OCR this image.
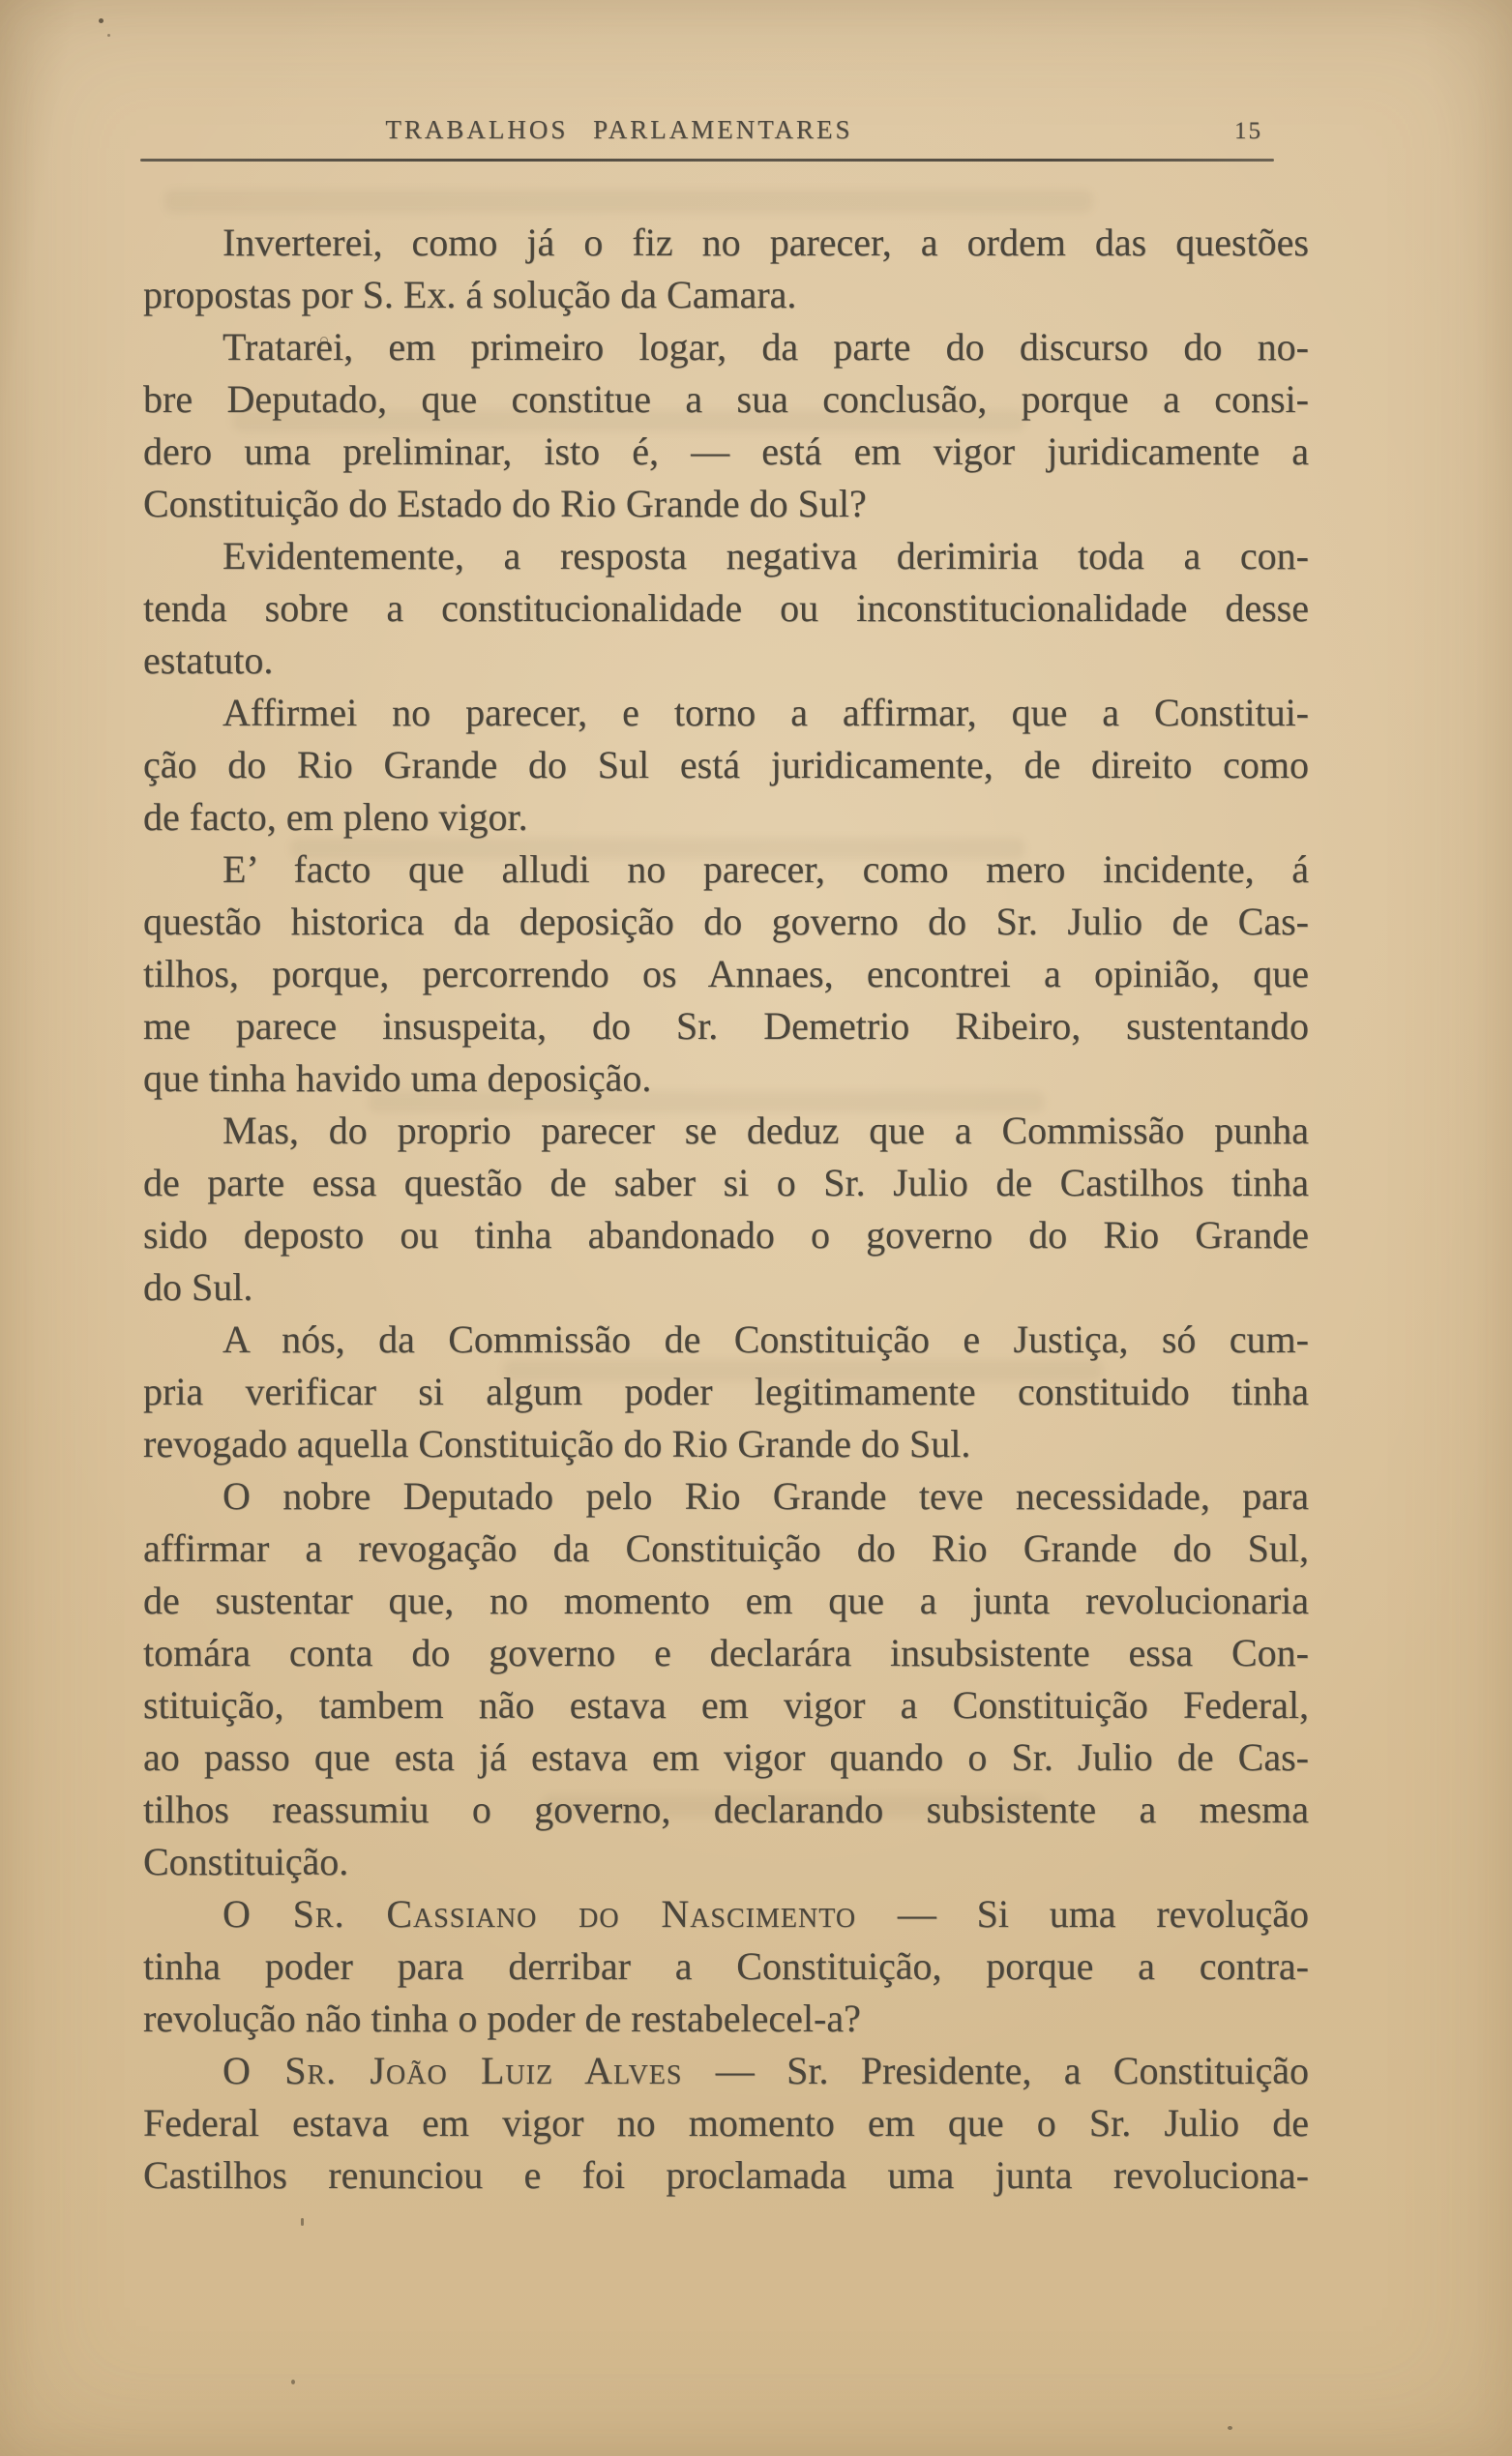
TRABALHOS PARLAMENTARES	15
Inverterei, como já o fiz no parecer, a ordem das questões
propostas por S. Ex. á solução da Camara.
Tratarei, em primeiro logar, da parte do discurso do no-
bre Deputado, que constitue a sua conclusão, porque a consi-
dero uma preliminar, isto é, — está em vigor juridicamente a
Constituição do Estado do Rio Grande do Sul?
Evidentemente, a resposta negativa derimiria toda a con-
tenda sobre a constitucionalidade ou inconstitucionalidade desse
estatuto.
Affirmei no parecer, e torno a affirmar, que a Constitui-
ção do Rio Grande do Sul está juridicamente, de direito como
de facto, em pleno vigor.
E’ facto que alludi no parecer, como mero incidente, á
questão historica da deposição do governo do Sr. Julio de Cas-
tilhos, porque, percorrendo os Annaes, encontrei a opinião, que
me parece insuspeita, do Sr. Demetrio Ribeiro, sustentando
que tinha havido uma deposição.
Mas, do proprio parecer se deduz que a Commissão punha
de parte essa questão de saber si o Sr. Julio de Castilhos tinha
sido deposto ou tinha abandonado o governo do Rio Grande
do Sul.
A nós, da Commissão de Constituição e Justiça, só cum-
pria verificar si algum poder legitimamente constituido tinha
revogado aquella Constituição do Rio Grande do Sul.
O nobre Deputado pelo Rio Grande teve necessidade, para
affirmar a revogação da Constituição do Rio Grande do Sul,
de sustentar que, no momento em que a junta revolucionaria
tomára conta do governo e declarára insubsistente essa Con-
stituição, tambem não estava em vigor a Constituição Federal,
ao passo que esta já estava em vigor quando o Sr. Julio de Cas-
tilhos reassumiu o governo, declarando subsistente a mesma
Constituição.
O Sr. Cassiano do Nascimento — Si uma revolução
tinha poder para derribar a Constituição, porque a contra-
revolução não tinha o poder de restabelecel-a?
O Sr. João Luiz Alves — Sr. Presidente, a Constituição
Federal estava em vigor no momento em que o Sr. Julio de
Castilhos renunciou e foi proclamada uma junta revoluciona-
